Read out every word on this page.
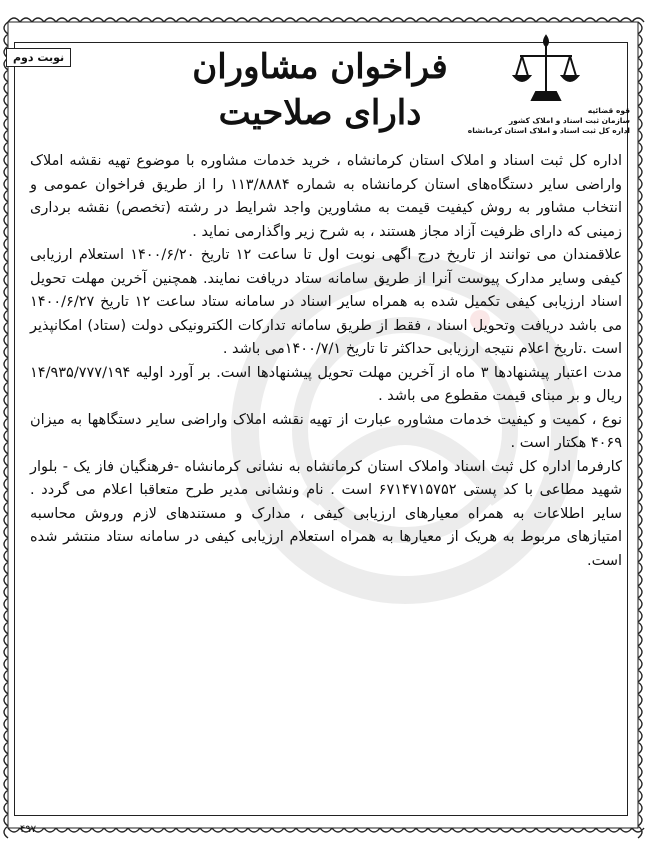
نوبت دوم	فراخوان مشاوران
دارای صلاحیت	قوه قضائیه
سازمان ثبت اسناد و املاک کشور
اداره کل ثبت اسناد و املاک استان کرمانشاه

اداره کل ثبت اسناد و املاک استان کرمانشاه ، خرید خدمات مشاوره با موضوع تهیه نقشه املاک واراضی سایر دستگاه‌های استان کرمانشاه به شماره ۱۱۳/۸۸۸۴ را از طریق فراخوان عمومی و انتخاب مشاور به روش کیفیت قیمت به مشاورین واجد شرایط در رشته (تخصص) نقشه برداری زمینی که دارای ظرفیت آزاد مجاز هستند ، به شرح زیر واگذارمی نماید .

علاقمندان می توانند از تاریخ درج اگهی نوبت اول تا ساعت ۱۲ تاریخ ۱۴۰۰/۶/۲۰ استعلام ارزیابی کیفی وسایر مدارک پیوست آنرا از طریق سامانه ستاد دریافت نمایند. همچنین آخرین مهلت تحویل اسناد ارزیابی کیفی تکمیل شده به همراه سایر اسناد در سامانه ستاد ساعت ۱۲ تاریخ ۱۴۰۰/۶/۲۷ می باشد دریافت وتحویل اسناد ، فقط از طریق سامانه تدارکات الکترونیکی دولت (ستاد) امکانپذیر است .تاریخ اعلام نتیجه ارزیابی حداکثر تا تاریخ ۱۴۰۰/۷/۱می باشد .

مدت اعتبار پیشنهادها ۳ ماه از آخرین مهلت تحویل پیشنهادها است. بر آورد اولیه ۱۴/۹۳۵/۷۷۷/۱۹۴ ریال و بر مبنای قیمت مقطوع می باشد .

نوع ، کمیت و کیفیت خدمات مشاوره عبارت از تهیه نقشه املاک واراضی سایر دستگاهها به میزان ۴۰۶۹ هکتار است .

کارفرما اداره کل ثبت اسناد واملاک استان کرمانشاه به نشانی کرمانشاه -فرهنگیان فاز یک - بلوار شهید مطاعی با کد پستی ۶۷۱۴۷۱۵۷۵۲ است . نام ونشانی مدیر طرح متعاقبا اعلام می گردد . سایر اطلاعات به همراه معیارهای ارزیابی کیفی ، مدارک و مستندهای لازم وروش محاسبه امتیازهای مربوط به هریک از معیارها به همراه استعلام ارزیابی کیفی در سامانه ستاد منتشر شده است.

۴۹۷
